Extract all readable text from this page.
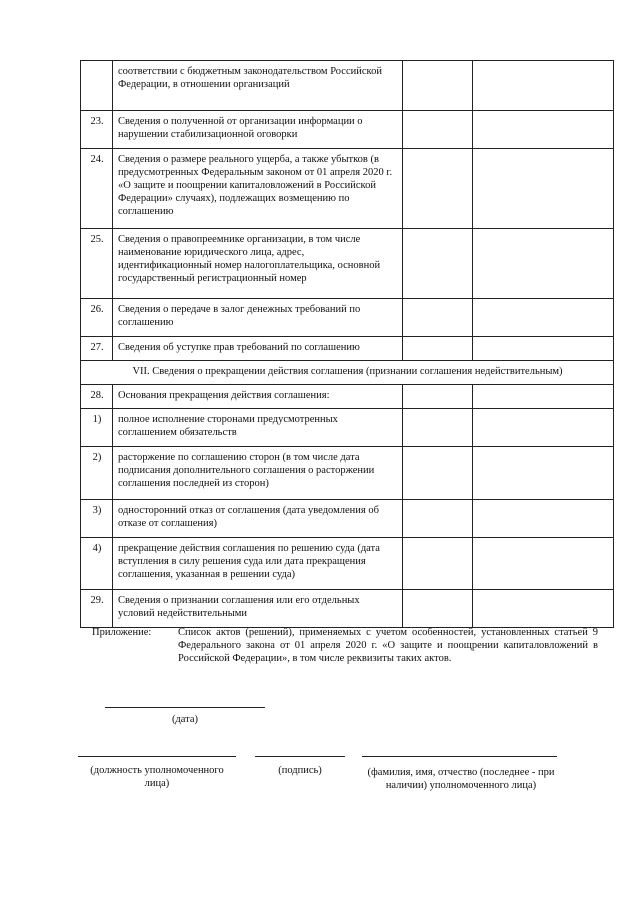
	соответствии с бюджетным законодательством Российской Федерации, в отношении организаций		
23.	Сведения о полученной от организации информации о нарушении стабилизационной оговорки		
24.	Сведения о размере реального ущерба, а также убытков (в предусмотренных Федеральным законом от 01 апреля 2020 г. «О защите и поощрении капиталовложений в Российской Федерации» случаях), подлежащих возмещению по соглашению		
25.	Сведения о правопреемнике организации, в том числе наименование юридического лица, адрес, идентификационный номер налогоплательщика, основной государственный регистрационный номер		
26.	Сведения о передаче в залог денежных требований по соглашению		
27.	Сведения об уступке прав требований по соглашению		
VII. Сведения о прекращении действия соглашения (признании соглашения недействительным)			
28.	Основания прекращения действия соглашения:		
1)	полное исполнение сторонами предусмотренных соглашением обязательств		
2)	расторжение по соглашению сторон (в том числе дата подписания дополнительного соглашения о расторжении соглашения последней из сторон)		
3)	односторонний отказ от соглашения (дата уведомления об отказе от соглашения)		
4)	прекращение действия соглашения по решению суда (дата вступления в силу решения суда или дата прекращения соглашения, указанная в решении суда)		
29.	Сведения о признании соглашения или его отдельных условий недействительными		
Приложение:	Список актов (решений), применяемых с учетом особенностей, установленных статьей 9 Федерального закона от 01 апреля 2020 г. «О защите и поощрении капиталовложений в Российской Федерации», в том числе реквизиты таких актов.
(дата)
(должность уполномоченного лица)
(подпись)	(фамилия, имя, отчество (последнее - при наличии) уполномоченного лица)
